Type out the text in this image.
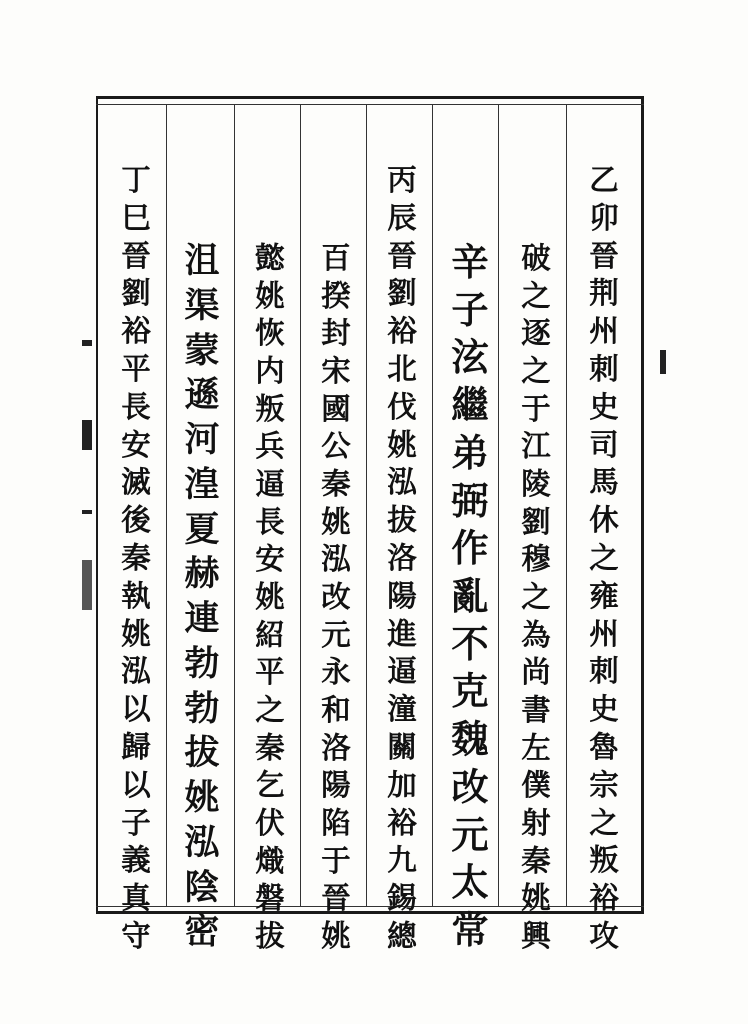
乙
卯
晉
荆
州
刺
史
司
馬
休
之
雍
州
刺
史
魯
宗
之
叛
裕
攻

破
之
逐
之
于
江
陵
劉
穆
之
為
尚
書
左
僕
射
秦
姚
興

辛
子
泫
繼
弟
弼
作
亂
不
克
魏
改
元
太
常

丙
辰
晉
劉
裕
北
伐
姚
泓
拔
洛
陽
進
逼
潼
關
加
裕
九
錫
總

百
揆
封
宋
國
公
秦
姚
泓
改
元
永
和
洛
陽
陷
于
晉
姚

懿
姚
恢
内
叛
兵
逼
長
安
姚
紹
平
之
秦
乞
伏
熾
磐
拔

沮
渠
蒙
遜
河
湟
夏
赫
連
勃
勃
拔
姚
泓
陰
密

丁
巳
晉
劉
裕
平
長
安
滅
後
秦
執
姚
泓
以
歸
以
子
義
真
守
